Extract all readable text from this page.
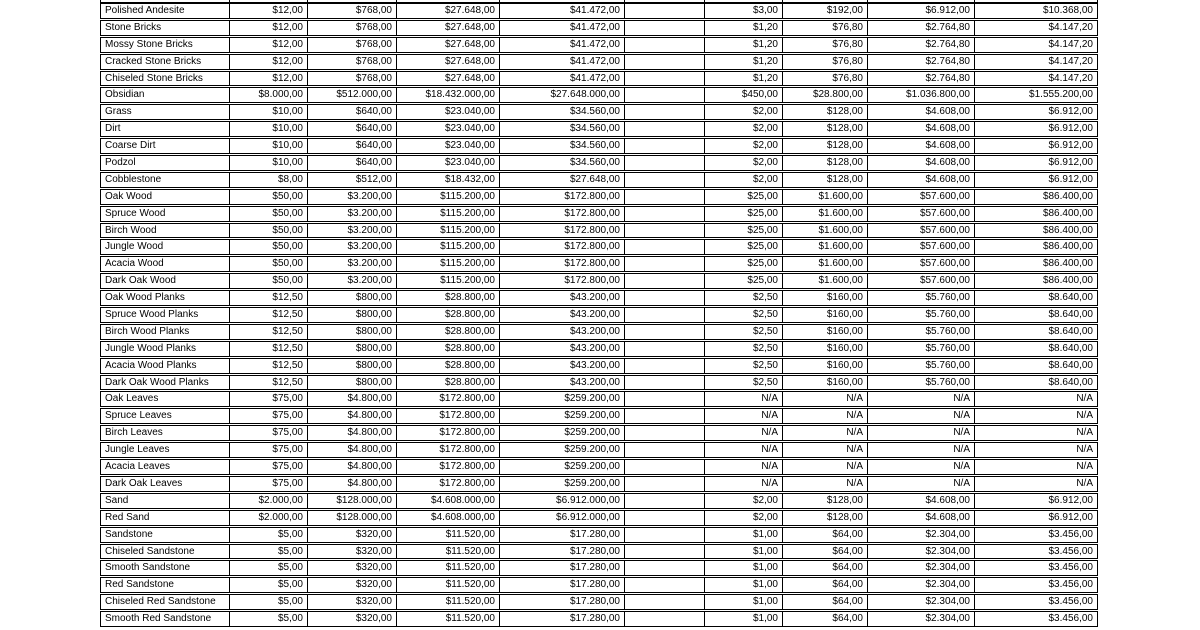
Polished Andesite	$12,00	$768,00	$27.648,00	$41.472,00	$3,00	$192,00	$6.912,00	$10.368,00
Stone Bricks	$12,00	$768,00	$27.648,00	$41.472,00	$1,20	$76,80	$2.764,80	$4.147,20
Mossy Stone Bricks	$12,00	$768,00	$27.648,00	$41.472,00	$1,20	$76,80	$2.764,80	$4.147,20
Cracked Stone Bricks	$12,00	$768,00	$27.648,00	$41.472,00	$1,20	$76,80	$2.764,80	$4.147,20
Chiseled Stone Bricks	$12,00	$768,00	$27.648,00	$41.472,00	$1,20	$76,80	$2.764,80	$4.147,20
Obsidian	$8.000,00	$512.000,00	$18.432.000,00	$27.648.000,00	$450,00	$28.800,00	$1.036.800,00	$1.555.200,00
Grass	$10,00	$640,00	$23.040,00	$34.560,00	$2,00	$128,00	$4.608,00	$6.912,00
Dirt	$10,00	$640,00	$23.040,00	$34.560,00	$2,00	$128,00	$4.608,00	$6.912,00
Coarse Dirt	$10,00	$640,00	$23.040,00	$34.560,00	$2,00	$128,00	$4.608,00	$6.912,00
Podzol	$10,00	$640,00	$23.040,00	$34.560,00	$2,00	$128,00	$4.608,00	$6.912,00
Cobblestone	$8,00	$512,00	$18.432,00	$27.648,00	$2,00	$128,00	$4.608,00	$6.912,00
Oak Wood	$50,00	$3.200,00	$115.200,00	$172.800,00	$25,00	$1.600,00	$57.600,00	$86.400,00
Spruce Wood	$50,00	$3.200,00	$115.200,00	$172.800,00	$25,00	$1.600,00	$57.600,00	$86.400,00
Birch Wood	$50,00	$3.200,00	$115.200,00	$172.800,00	$25,00	$1.600,00	$57.600,00	$86.400,00
Jungle Wood	$50,00	$3.200,00	$115.200,00	$172.800,00	$25,00	$1.600,00	$57.600,00	$86.400,00
Acacia Wood	$50,00	$3.200,00	$115.200,00	$172.800,00	$25,00	$1.600,00	$57.600,00	$86.400,00
Dark Oak Wood	$50,00	$3.200,00	$115.200,00	$172.800,00	$25,00	$1.600,00	$57.600,00	$86.400,00
Oak Wood Planks	$12,50	$800,00	$28.800,00	$43.200,00	$2,50	$160,00	$5.760,00	$8.640,00
Spruce Wood Planks	$12,50	$800,00	$28.800,00	$43.200,00	$2,50	$160,00	$5.760,00	$8.640,00
Birch Wood Planks	$12,50	$800,00	$28.800,00	$43.200,00	$2,50	$160,00	$5.760,00	$8.640,00
Jungle Wood Planks	$12,50	$800,00	$28.800,00	$43.200,00	$2,50	$160,00	$5.760,00	$8.640,00
Acacia Wood Planks	$12,50	$800,00	$28.800,00	$43.200,00	$2,50	$160,00	$5.760,00	$8.640,00
Dark Oak Wood Planks	$12,50	$800,00	$28.800,00	$43.200,00	$2,50	$160,00	$5.760,00	$8.640,00
Oak Leaves	$75,00	$4.800,00	$172.800,00	$259.200,00	N/A	N/A	N/A	N/A
Spruce Leaves	$75,00	$4.800,00	$172.800,00	$259.200,00	N/A	N/A	N/A	N/A
Birch Leaves	$75,00	$4.800,00	$172.800,00	$259.200,00	N/A	N/A	N/A	N/A
Jungle Leaves	$75,00	$4.800,00	$172.800,00	$259.200,00	N/A	N/A	N/A	N/A
Acacia Leaves	$75,00	$4.800,00	$172.800,00	$259.200,00	N/A	N/A	N/A	N/A
Dark Oak Leaves	$75,00	$4.800,00	$172.800,00	$259.200,00	N/A	N/A	N/A	N/A
Sand	$2.000,00	$128.000,00	$4.608.000,00	$6.912.000,00	$2,00	$128,00	$4.608,00	$6.912,00
Red Sand	$2.000,00	$128.000,00	$4.608.000,00	$6.912.000,00	$2,00	$128,00	$4.608,00	$6.912,00
Sandstone	$5,00	$320,00	$11.520,00	$17.280,00	$1,00	$64,00	$2.304,00	$3.456,00
Chiseled Sandstone	$5,00	$320,00	$11.520,00	$17.280,00	$1,00	$64,00	$2.304,00	$3.456,00
Smooth Sandstone	$5,00	$320,00	$11.520,00	$17.280,00	$1,00	$64,00	$2.304,00	$3.456,00
Red Sandstone	$5,00	$320,00	$11.520,00	$17.280,00	$1,00	$64,00	$2.304,00	$3.456,00
Chiseled Red Sandstone	$5,00	$320,00	$11.520,00	$17.280,00	$1,00	$64,00	$2.304,00	$3.456,00
Smooth Red Sandstone	$5,00	$320,00	$11.520,00	$17.280,00	$1,00	$64,00	$2.304,00	$3.456,00
